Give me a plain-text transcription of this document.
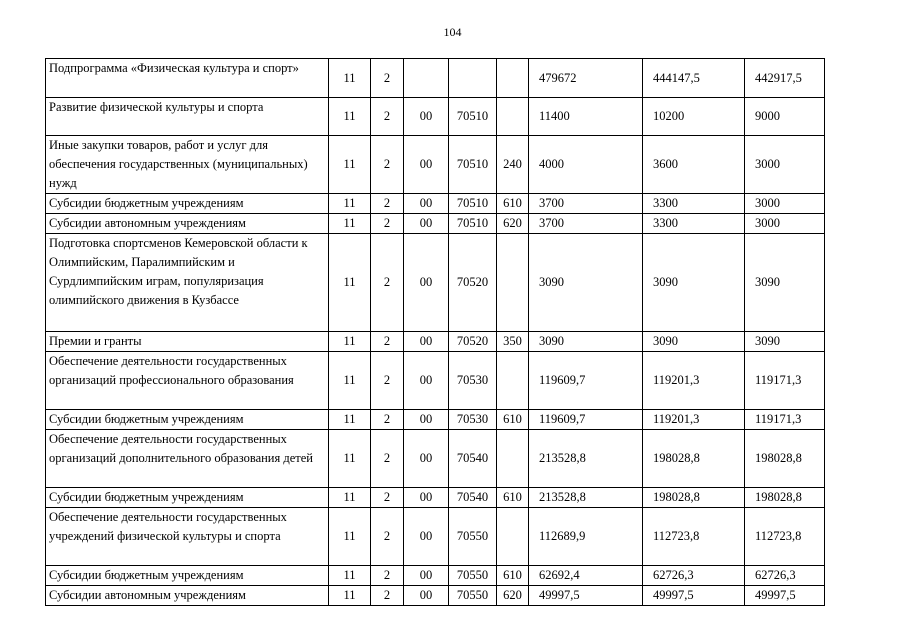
104
Подпрограмма «Физическая культура и спорт»	11	2				479672	444147,5	442917,5
Развитие физической культуры и спорта	11	2	00	70510		11400	10200	9000
Иные закупки товаров, работ и услуг для обеспечения государственных (муниципальных) нужд	11	2	00	70510	240	4000	3600	3000
Субсидии бюджетным учреждениям	11	2	00	70510	610	3700	3300	3000
Субсидии автономным учреждениям	11	2	00	70510	620	3700	3300	3000
Подготовка спортсменов Кемеровской области к Олимпийским, Паралимпийским и Сурдлимпийским играм, популяризация олимпийского движения в Кузбассе	11	2	00	70520		3090	3090	3090
Премии и гранты	11	2	00	70520	350	3090	3090	3090
Обеспечение деятельности государственных организаций профессионального образования	11	2	00	70530		119609,7	119201,3	119171,3
Субсидии бюджетным учреждениям	11	2	00	70530	610	119609,7	119201,3	119171,3
Обеспечение деятельности государственных организаций дополнительного образования детей	11	2	00	70540		213528,8	198028,8	198028,8
Субсидии бюджетным учреждениям	11	2	00	70540	610	213528,8	198028,8	198028,8
Обеспечение деятельности государственных учреждений физической культуры и спорта	11	2	00	70550		112689,9	112723,8	112723,8
Субсидии бюджетным учреждениям	11	2	00	70550	610	62692,4	62726,3	62726,3
Субсидии автономным учреждениям	11	2	00	70550	620	49997,5	49997,5	49997,5
